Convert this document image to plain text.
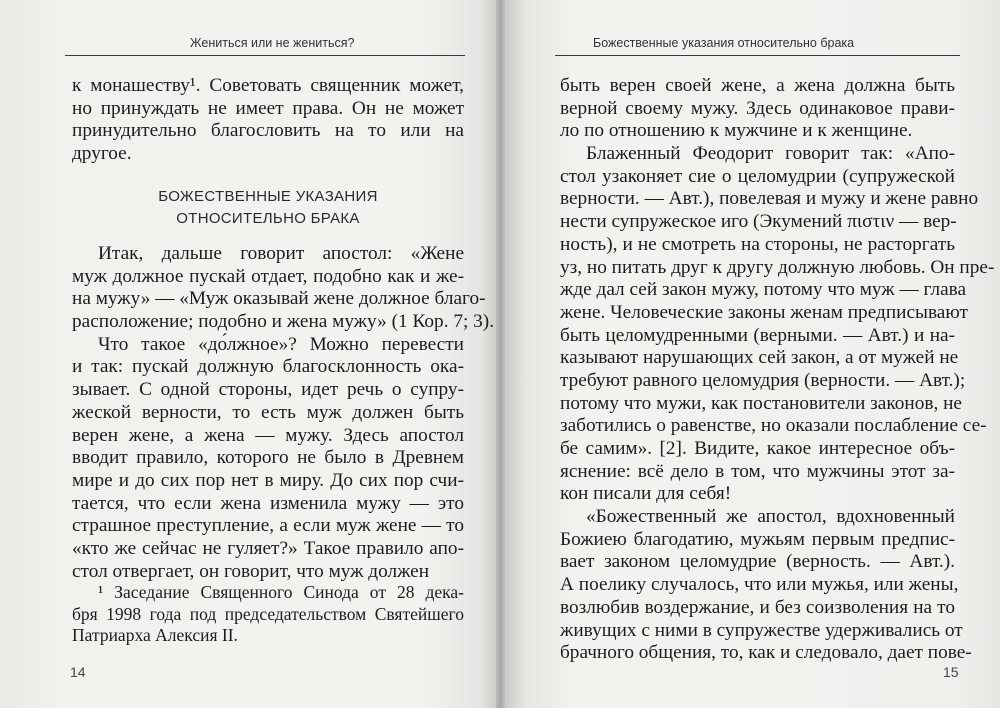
Жениться или не жениться?
к монашеству¹. Советовать священник может,
но принуждать не имеет права. Он не может
принудительно благословить на то или на
другое.
БОЖЕСТВЕННЫЕ УКАЗАНИЯ
ОТНОСИТЕЛЬНО БРАКА
Итак, дальше говорит апостол: «Жене
муж должное пускай отдает, подобно как и же-
на мужу» — «Муж оказывай жене должное благо-
расположение; подобно и жена мужу» (1 Кор. 7; 3).
Что такое «до́лжное»? Можно перевести
и так: пускай должную благосклонность ока-
зывает. С одной стороны, идет речь о супру-
жеской верности, то есть муж должен быть
верен жене, а жена — мужу. Здесь апостол
вводит правило, которого не было в Древнем
мире и до сих пор нет в миру. До сих пор счи-
тается, что если жена изменила мужу — это
страшное преступление, а если муж жене — то
«кто же сейчас не гуляет?» Такое правило апо-
стол отвергает, он говорит, что муж должен
¹ Заседание Священного Синода от 28 дека-
бря 1998 года под председательством Святейшего
Патриарха Алексия II.
14
Божественные указания относительно брака
быть верен своей жене, а жена должна быть
верной своему мужу. Здесь одинаковое прави-
ло по отношению к мужчине и к женщине.
Блаженный Феодорит говорит так: «Апо-
стол узаконяет сие о целомудрии (супружеской
верности. — Авт.), повелевая и мужу и жене равно
нести супружеское иго (Экумений πιστιν — вер-
ность), и не смотреть на стороны, не расторгать
уз, но питать друг к другу должную любовь. Он пре-
жде дал сей закон мужу, потому что муж — глава
жене. Человеческие законы женам предписывают
быть целомудренными (верными. — Авт.) и на-
казывают нарушающих сей закон, а от мужей не
требуют равного целомудрия (верности. — Авт.);
потому что мужи, как постановители законов, не
заботились о равенстве, но оказали послабление се-
бе самим». [2]. Видите, какое интересное объ-
яснение: всё дело в том, что мужчины этот за-
кон писали для себя!
«Божественный же апостол, вдохновенный
Божиею благодатию, мужьям первым предпис-
вает законом целомудрие (верность. — Авт.).
А поелику случалось, что или мужья, или жены,
возлюбив воздержание, и без соизволения на то
живущих с ними в супружестве удерживались от
брачного общения, то, как и следовало, дает пове-
15
